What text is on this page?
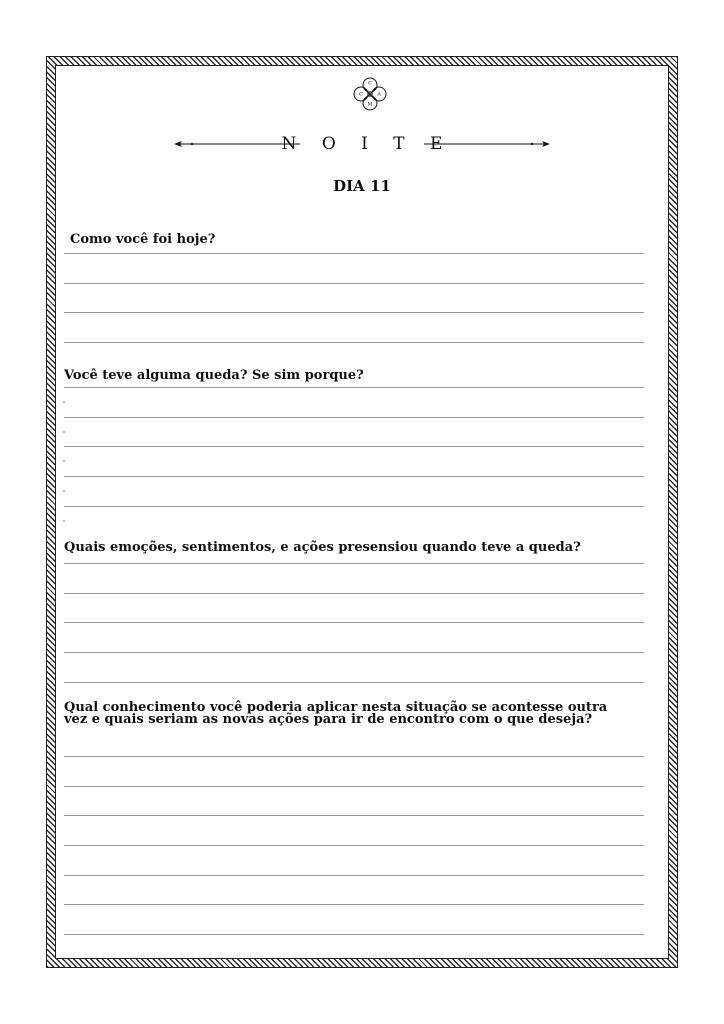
C
A
M
C
N O I T E
DIA 11
Como você foi hoje?
Você teve alguma queda? Se sim porque?
Quais emoções, sentimentos, e ações presensiou quando teve a queda?
Qual conhecimento você poderia aplicar nesta situação se acontesse outra vez e quais seriam as novas ações para ir de encontro com o que deseja?
